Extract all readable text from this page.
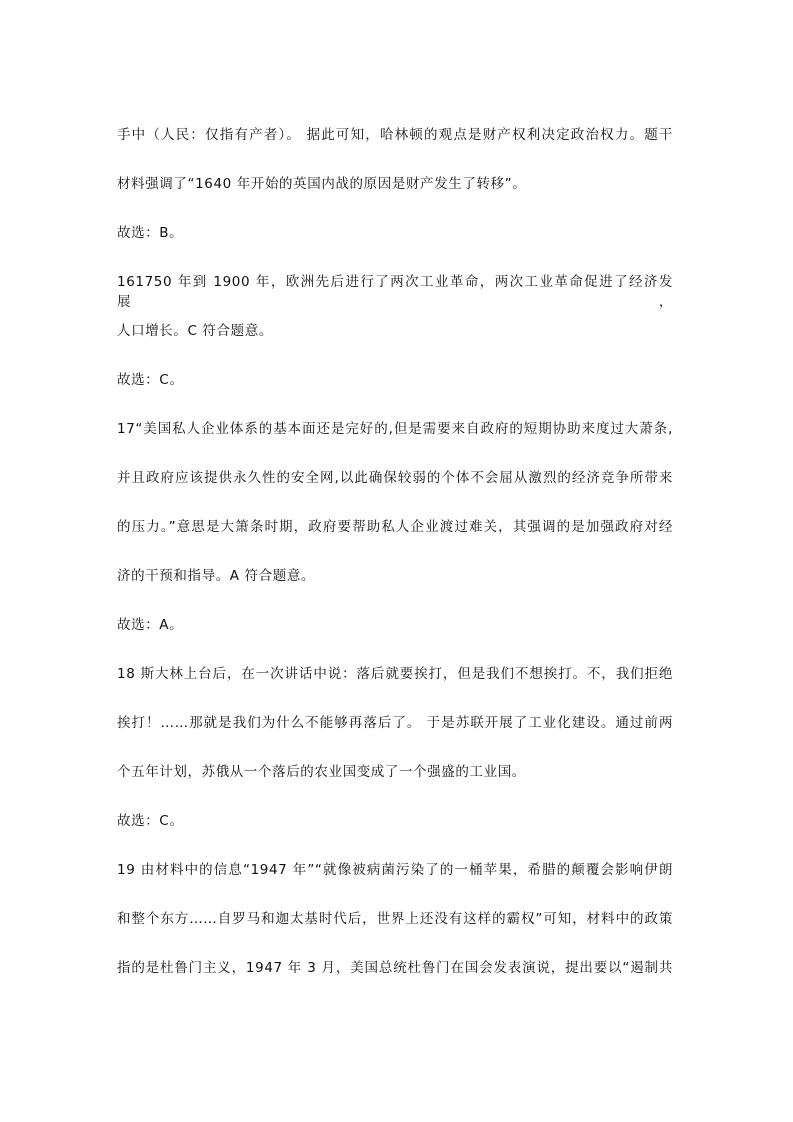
手中（人民：仅指有产者）。 据此可知，哈林顿的观点是财产权利决定政治权力。题干
材料强调了“1640 年开始的英国内战的原因是财产发生了转移”。
故选：B。
161750 年到 1900 年，欧洲先后进行了两次工业革命，两次工业革命促进了经济发展，
人口增长。C 符合题意。
故选：C。
17“美国私人企业体系的基本面还是完好的,但是需要来自政府的短期协助来度过大萧条,
并且政府应该提供永久性的安全网,以此确保较弱的个体不会屈从激烈的经济竞争所带来
的压力。”意思是大箫条时期，政府要帮助私人企业渡过难关，其强调的是加强政府对经
济的干预和指导。A 符合题意。
故选：A。
18 斯大林上台后，在一次讲话中说：落后就要挨打，但是我们不想挨打。不，我们拒绝
挨打！……那就是我们为什么不能够再落后了。 于是苏联开展了工业化建设。通过前两
个五年计划，苏俄从一个落后的农业国变成了一个强盛的工业国。
故选：C。
19 由材料中的信息“1947 年”“就像被病菌污染了的一桶苹果，希腊的颠覆会影响伊朗
和整个东方……自罗马和迦太基时代后，世界上还没有这样的霸权”可知，材料中的政策
指的是杜鲁门主义，1947 年 3 月，美国总统杜鲁门在国会发表演说，提出要以“遏制共
